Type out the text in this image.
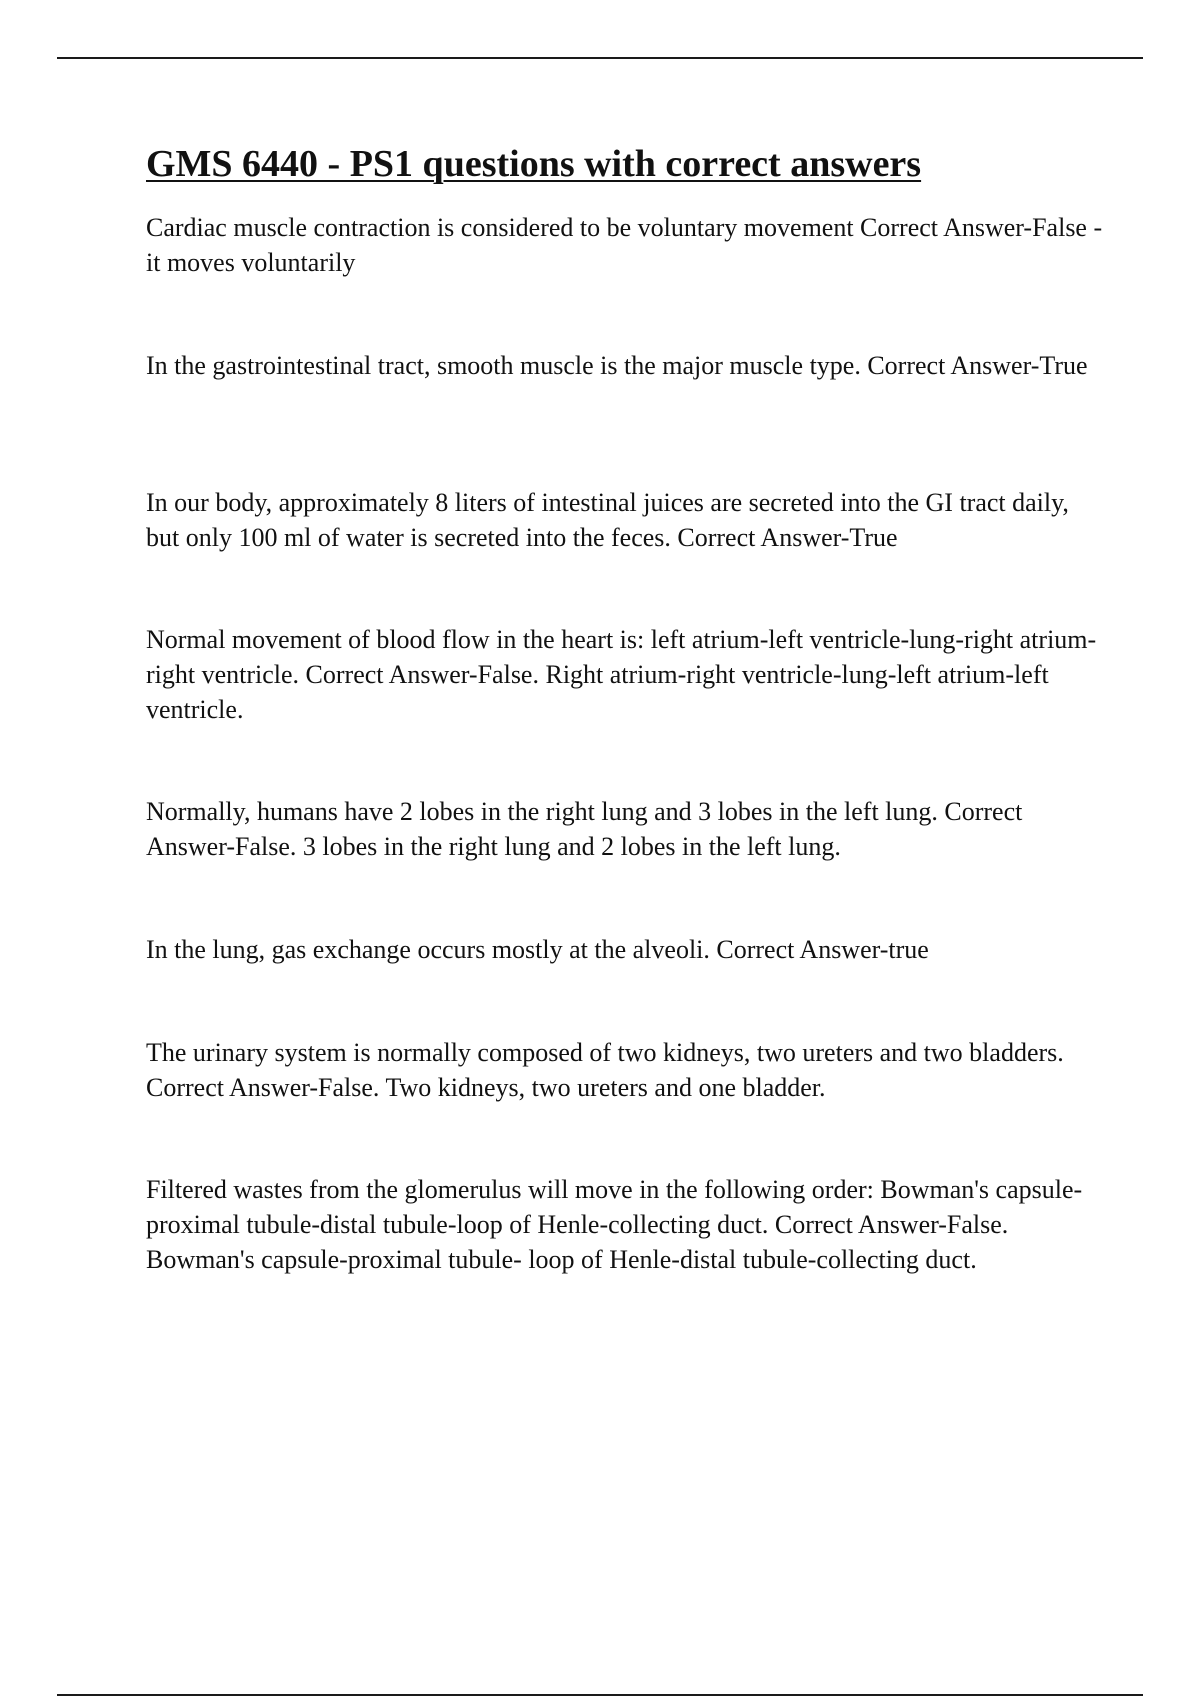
GMS 6440 - PS1 questions with correct answers

Cardiac muscle contraction is considered to be voluntary movement Correct Answer-False - it moves voluntarily

In the gastrointestinal tract, smooth muscle is the major muscle type. Correct Answer-True

In our body, approximately 8 liters of intestinal juices are secreted into the GI tract daily, but only 100 ml of water is secreted into the feces. Correct Answer-True

Normal movement of blood flow in the heart is: left atrium-left ventricle-lung-right atrium-right ventricle. Correct Answer-False. Right atrium-right ventricle-lung-left atrium-left ventricle.

Normally, humans have 2 lobes in the right lung and 3 lobes in the left lung. Correct Answer-False. 3 lobes in the right lung and 2 lobes in the left lung.

In the lung, gas exchange occurs mostly at the alveoli. Correct Answer-true

The urinary system is normally composed of two kidneys, two ureters and two bladders. Correct Answer-False. Two kidneys, two ureters and one bladder.

Filtered wastes from the glomerulus will move in the following order: Bowman's capsule-proximal tubule-distal tubule-loop of Henle-collecting duct. Correct Answer-False. Bowman's capsule-proximal tubule- loop of Henle-distal tubule-collecting duct.
